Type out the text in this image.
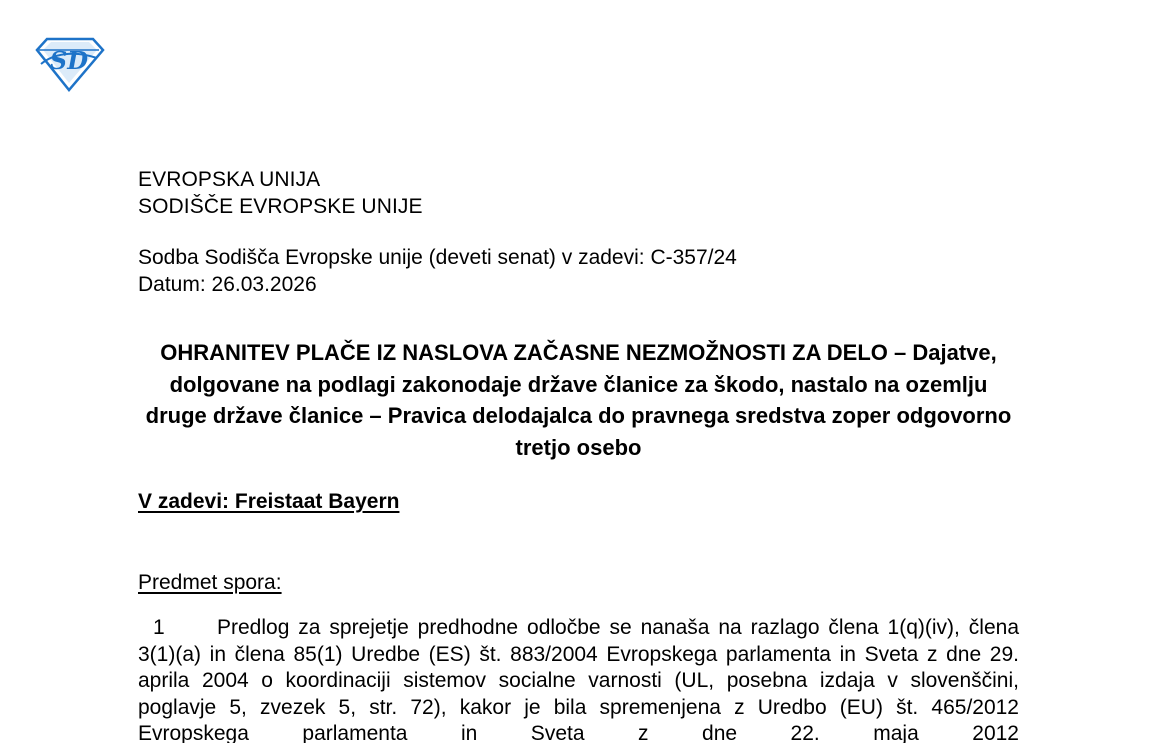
SD
EVROPSKA UNIJA
SODIŠČE EVROPSKE UNIJE
Sodba Sodišča Evropske unije (deveti senat) v zadevi: C-357/24
Datum: 26.03.2026
OHRANITEV PLAČE IZ NASLOVA ZAČASNE NEZMOŽNOSTI ZA DELO – Dajatve, dolgovane na podlagi zakonodaje države članice za škodo, nastalo na ozemlju druge države članice – Pravica delodajalca do pravnega sredstva zoper odgovorno tretjo osebo
V zadevi: Freistaat Bayern
Predmet spora:
1 Predlog za sprejetje predhodne odločbe se nanaša na razlago člena 1(q)(iv), člena 3(1)(a) in člena 85(1) Uredbe (ES) št. 883/2004 Evropskega parlamenta in Sveta z dne 29. aprila 2004 o koordinaciji sistemov socialne varnosti (UL, posebna izdaja v slovenščini, poglavje 5, zvezek 5, str. 72), kakor je bila spremenjena z Uredbo (EU) št. 465/2012 Evropskega parlamenta in Sveta z dne 22. maja 2012
